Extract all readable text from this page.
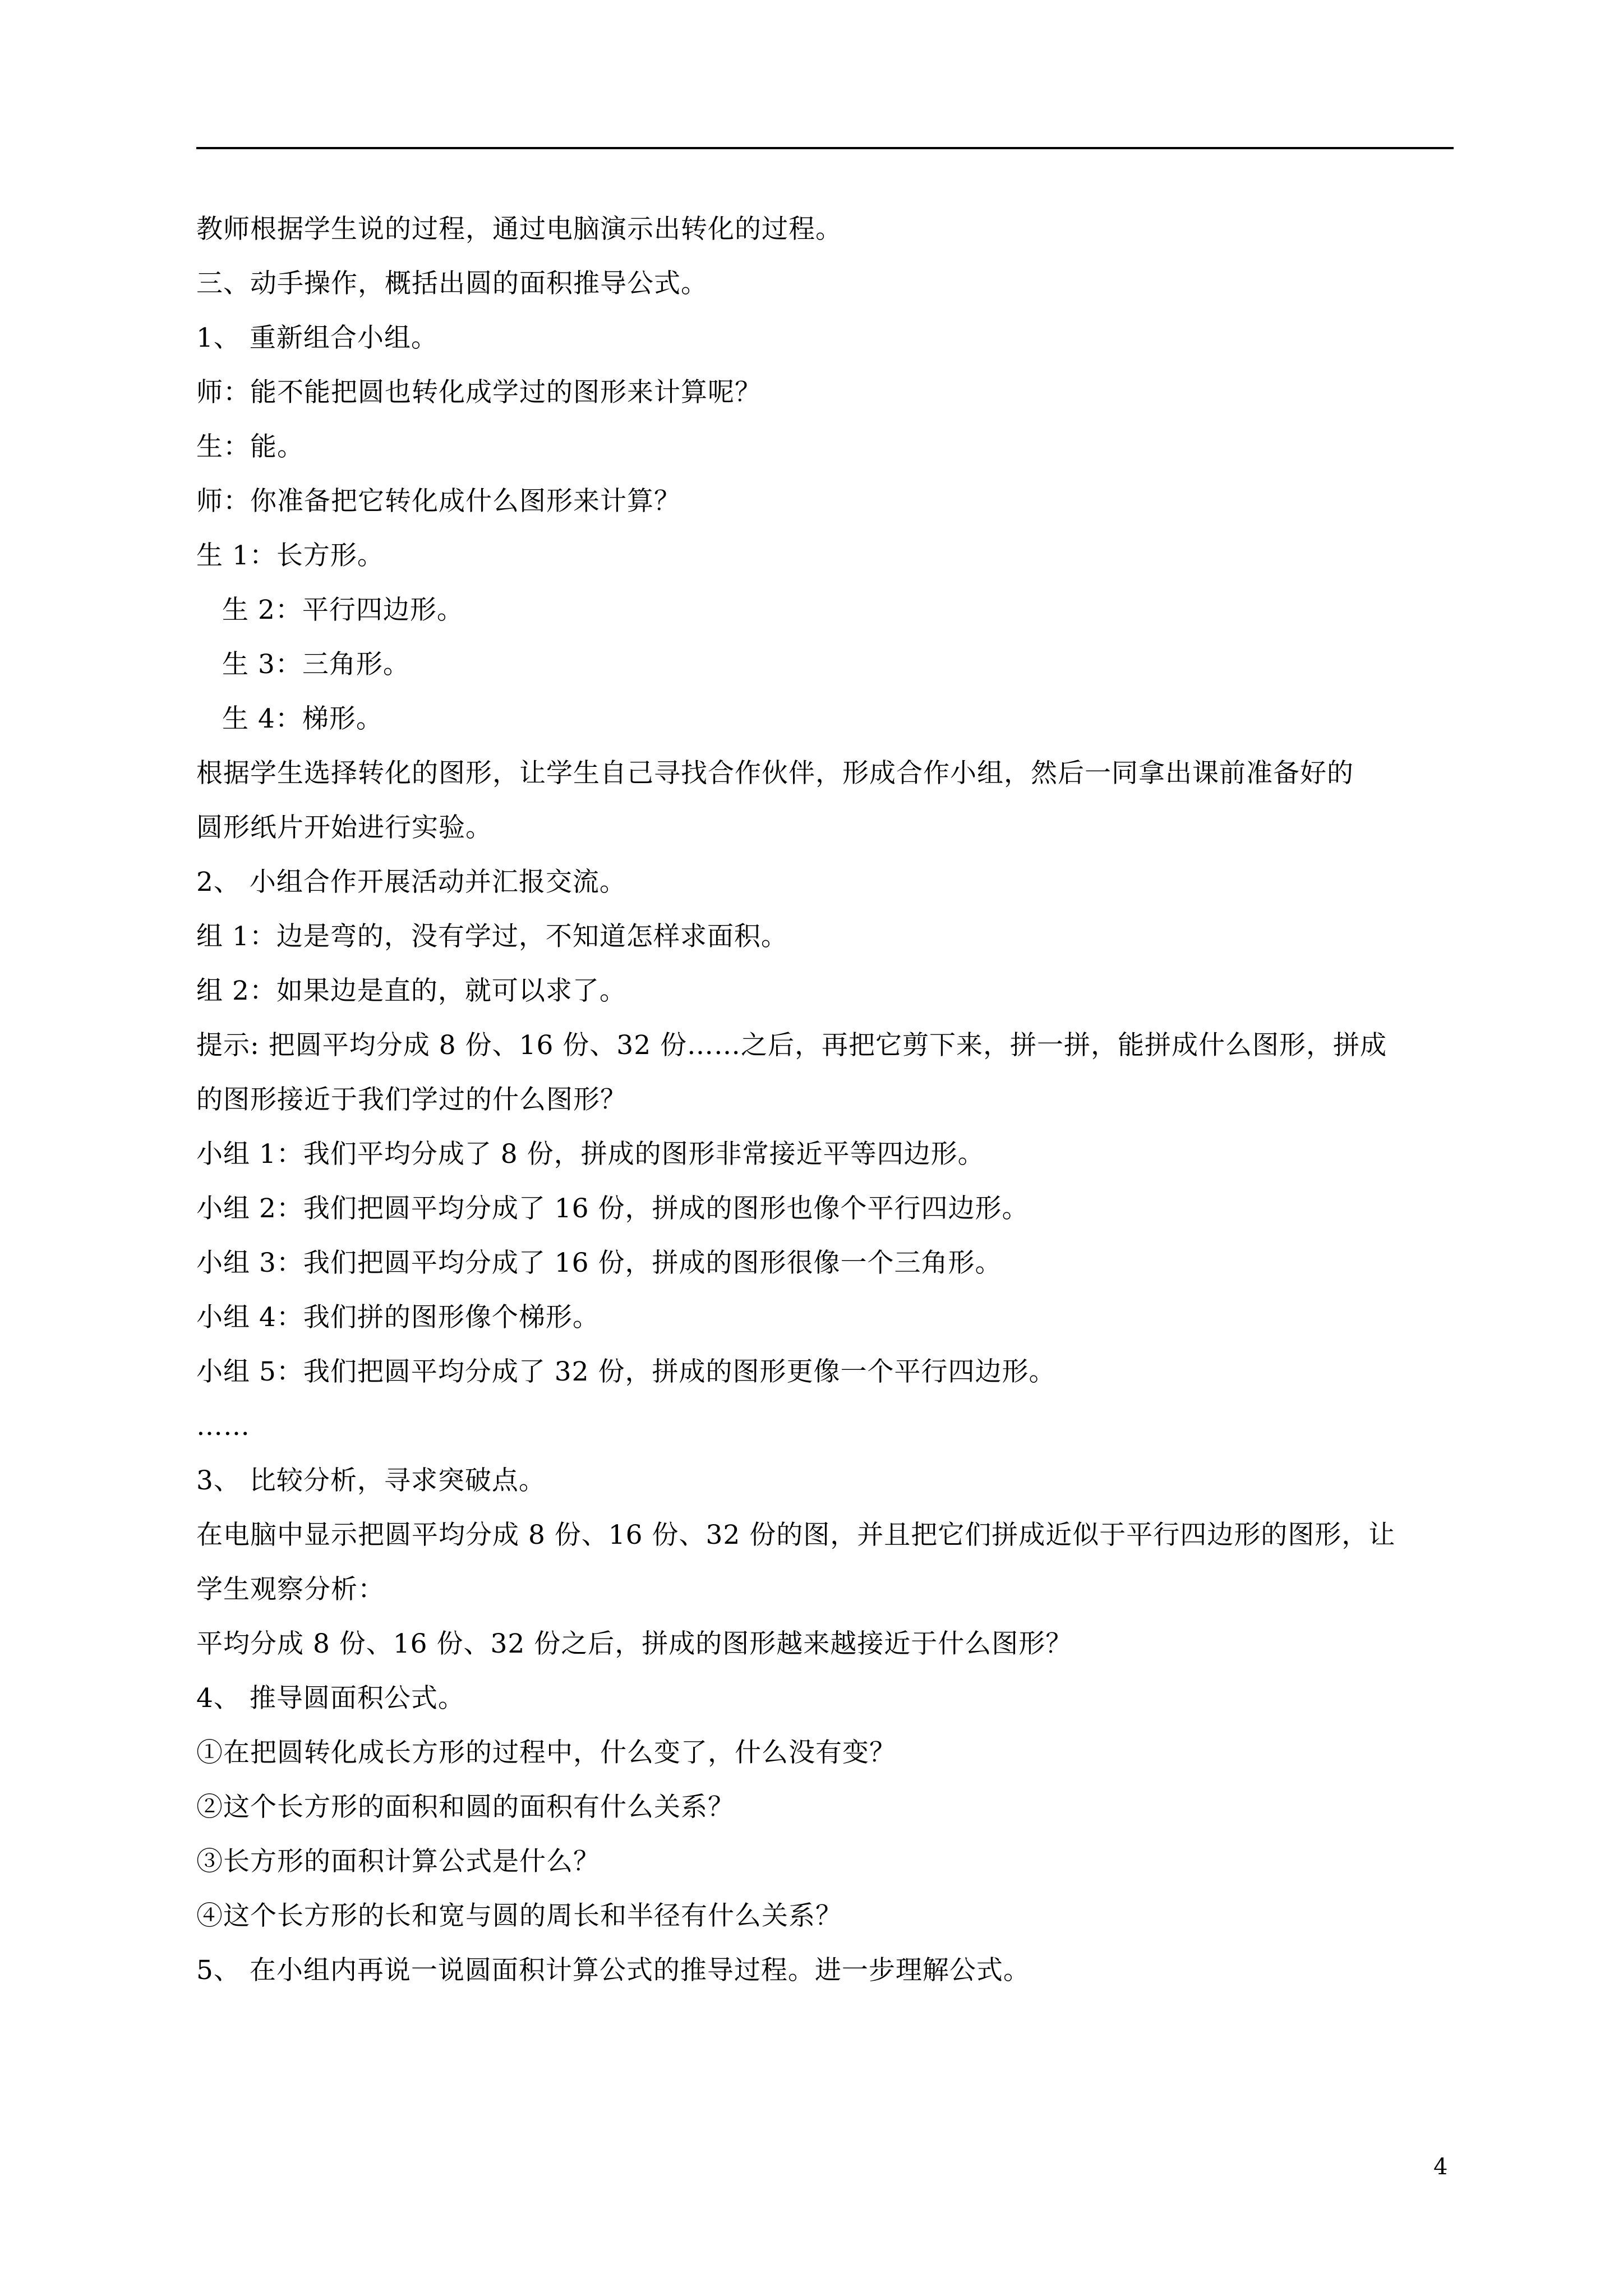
教师根据学生说的过程，通过电脑演示出转化的过程。
三、动手操作，概括出圆的面积推导公式。
1、 重新组合小组。
师：能不能把圆也转化成学过的图形来计算呢？
生：能。
师：你准备把它转化成什么图形来计算？
生 1：长方形。
生 2：平行四边形。
生 3：三角形。
生 4：梯形。
根据学生选择转化的图形，让学生自己寻找合作伙伴，形成合作小组，然后一同拿出课前准备好的
圆形纸片开始进行实验。
2、 小组合作开展活动并汇报交流。
组 1：边是弯的，没有学过，不知道怎样求面积。
组 2：如果边是直的，就可以求了。
提示: 把圆平均分成 8 份、16 份、32 份……之后，再把它剪下来，拼一拼，能拼成什么图形，拼成
的图形接近于我们学过的什么图形？
小组 1：我们平均分成了 8 份，拼成的图形非常接近平等四边形。
小组 2：我们把圆平均分成了 16 份，拼成的图形也像个平行四边形。
小组 3：我们把圆平均分成了 16 份，拼成的图形很像一个三角形。
小组 4：我们拼的图形像个梯形。
小组 5：我们把圆平均分成了 32 份，拼成的图形更像一个平行四边形。
……
3、 比较分析，寻求突破点。
在电脑中显示把圆平均分成 8 份、16 份、32 份的图，并且把它们拼成近似于平行四边形的图形，让
学生观察分析：
平均分成 8 份、16 份、32 份之后，拼成的图形越来越接近于什么图形？
4、 推导圆面积公式。
①在把圆转化成长方形的过程中，什么变了，什么没有变？
②这个长方形的面积和圆的面积有什么关系？
③长方形的面积计算公式是什么？
④这个长方形的长和宽与圆的周长和半径有什么关系？
5、 在小组内再说一说圆面积计算公式的推导过程。进一步理解公式。
4
